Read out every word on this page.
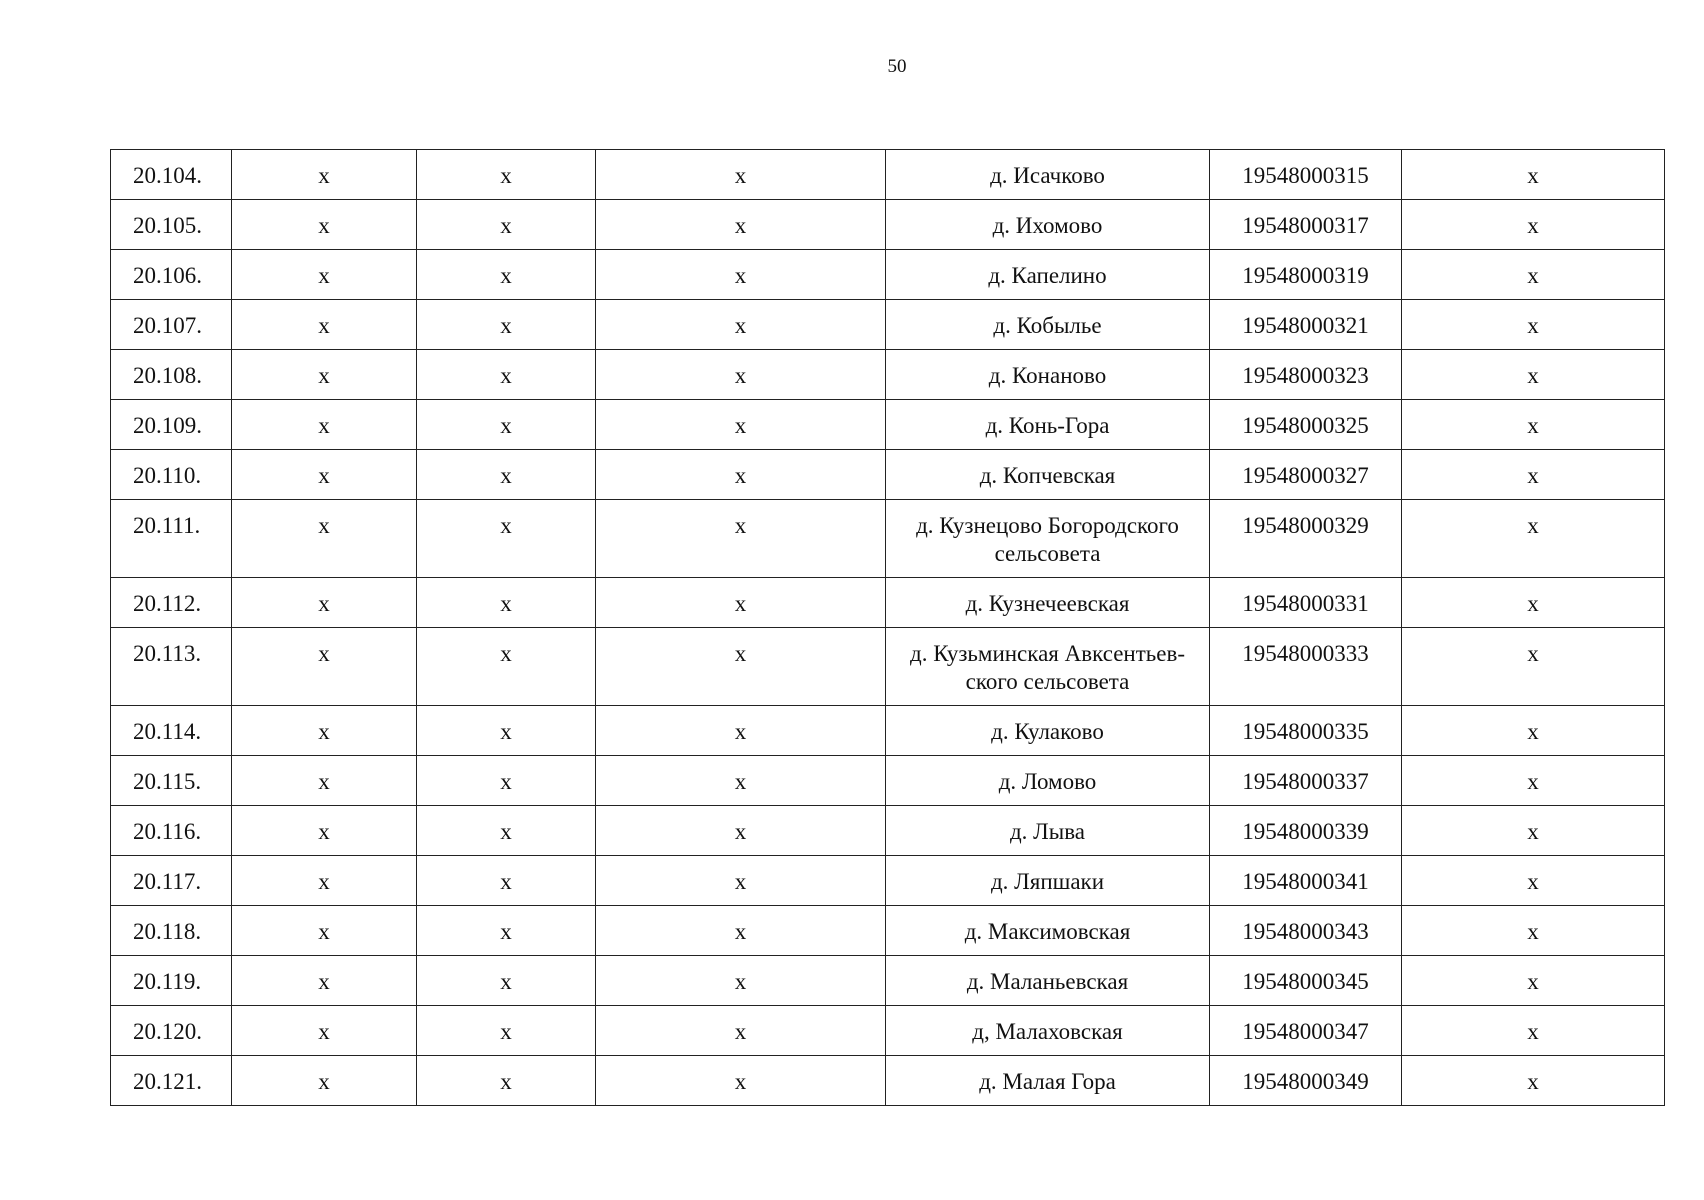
50
20.104.	х	х	х	д. Исачково	19548000315	х
20.105.	х	х	х	д. Ихомово	19548000317	х
20.106.	х	х	х	д. Капелино	19548000319	х
20.107.	х	х	х	д. Кобылье	19548000321	х
20.108.	х	х	х	д. Конаново	19548000323	х
20.109.	х	х	х	д. Конь-Гора	19548000325	х
20.110.	х	х	х	д. Копчевская	19548000327	х
20.111.	х	х	х	д. Кузнецово Богородского сельсовета	19548000329	х
20.112.	х	х	х	д. Кузнечеевская	19548000331	х
20.113.	х	х	х	д. Кузьминская Авксентьев-ского сельсовета	19548000333	х
20.114.	х	х	х	д. Кулаково	19548000335	х
20.115.	х	х	х	д. Ломово	19548000337	х
20.116.	х	х	х	д. Лыва	19548000339	х
20.117.	х	х	х	д. Ляпшаки	19548000341	х
20.118.	х	х	х	д. Максимовская	19548000343	х
20.119.	х	х	х	д. Маланьевская	19548000345	х
20.120.	х	х	х	д, Малаховская	19548000347	х
20.121.	х	х	х	д. Малая Гора	19548000349	х
